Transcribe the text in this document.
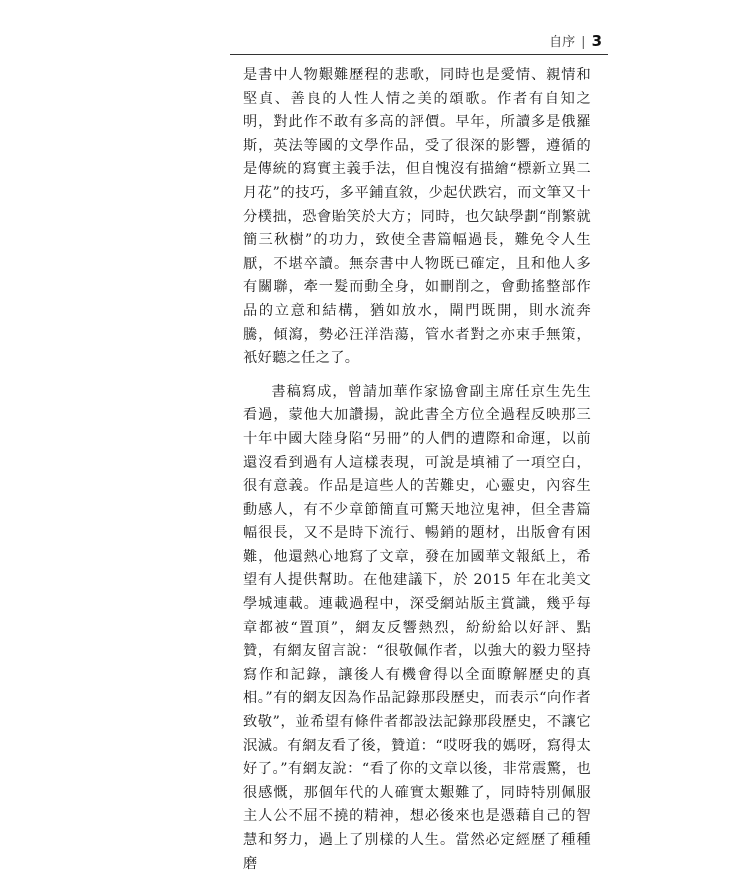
自序 | 3

是書中人物艱難歷程的悲歌，同時也是愛情、親情和堅貞、善良的人性人情之美的頌歌。作者有自知之明，對此作不敢有多高的評價。早年，所讀多是俄羅斯，英法等國的文學作品，受了很深的影響，遵循的是傳統的寫實主義手法，但自愧沒有描繪“標新立異二月花”的技巧，多平鋪直敘，少起伏跌宕，而文筆又十分樸拙，恐會貽笑於大方；同時，也欠缺學劃“削繁就簡三秋樹”的功力，致使全書篇幅過長，難免令人生厭，不堪卒讀。無奈書中人物既已確定，且和他人多有關聯，牽一髮而動全身，如刪削之，會動搖整部作品的立意和結構，猶如放水，閘門既開，則水流奔騰，傾瀉，勢必汪洋浩蕩，管水者對之亦束手無策，衹好聽之任之了。

書稿寫成，曾請加華作家協會副主席任京生先生看過，蒙他大加讚揚，說此書全方位全過程反映那三十年中國大陸身陷“另冊”的人們的遭際和命運，以前還沒看到過有人這樣表現，可說是填補了一項空白，很有意義。作品是這些人的苦難史，心靈史，內容生動感人，有不少章節簡直可驚天地泣鬼神，但全書篇幅很長，又不是時下流行、暢銷的題材，出版會有困難，他還熱心地寫了文章，發在加國華文報紙上，希望有人提供幫助。在他建議下，於 2015 年在北美文學城連載。連載過程中，深受網站版主賞識，幾乎每章都被“置頂”，網友反響熱烈，紛紛給以好評、點贊，有網友留言說：“很敬佩作者，以強大的毅力堅持寫作和記錄，讓後人有機會得以全面瞭解歷史的真相。”有的網友因為作品記錄那段歷史，而表示“向作者致敬”，並希望有條件者都設法記錄那段歷史，不讓它泯滅。有網友看了後，贊道：“哎呀我的媽呀，寫得太好了。”有網友說：“看了你的文章以後，非常震驚，也很感慨，那個年代的人確實太艱難了，同時特別佩服主人公不屈不撓的精神，想必後來也是憑藉自己的智慧和努力，過上了別樣的人生。當然必定經歷了種種磨
